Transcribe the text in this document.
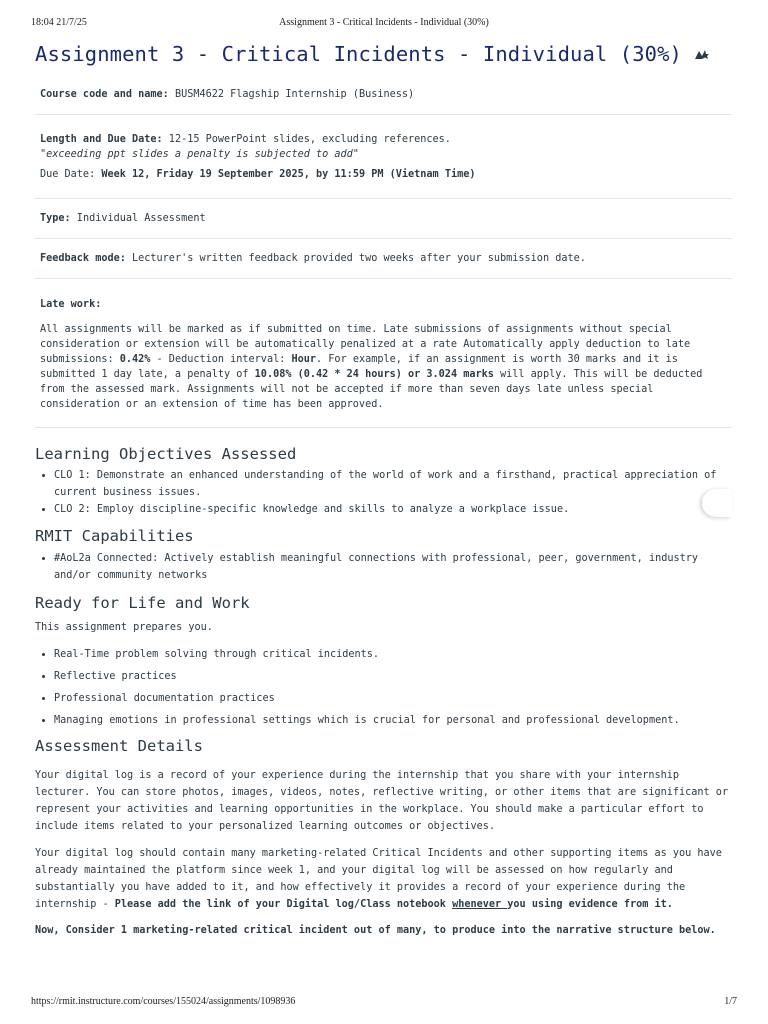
18:04 21/7/25	Assignment 3 - Critical Incidents - Individual (30%)
Assignment 3 - Critical Incidents - Individual (30%)
Course code and name: BUSM4622 Flagship Internship (Business)
Length and Due Date: 12-15 PowerPoint slides, excluding references.
"exceeding ppt slides a penalty is subjected to add"
Due Date: Week 12, Friday 19 September 2025, by 11:59 PM (Vietnam Time)
Type: Individual Assessment
Feedback mode: Lecturer's written feedback provided two weeks after your submission date.
Late work:
All assignments will be marked as if submitted on time. Late submissions of assignments without special consideration or extension will be automatically penalized at a rate Automatically apply deduction to late submissions: 0.42% - Deduction interval: Hour. For example, if an assignment is worth 30 marks and it is submitted 1 day late, a penalty of 10.08% (0.42 * 24 hours) or 3.024 marks will apply. This will be deducted from the assessed mark. Assignments will not be accepted if more than seven days late unless special consideration or an extension of time has been approved.
Learning Objectives Assessed
• CLO 1: Demonstrate an enhanced understanding of the world of work and a firsthand, practical appreciation of current business issues.
• CLO 2: Employ discipline-specific knowledge and skills to analyze a workplace issue.
RMIT Capabilities
• #AoL2a Connected: Actively establish meaningful connections with professional, peer, government, industry and/or community networks
Ready for Life and Work

This assignment prepares you.

• Real-Time problem solving through critical incidents.
• Reflective practices
• Professional documentation practices
• Managing emotions in professional settings which is crucial for personal and professional development.
Assessment Details

Your digital log is a record of your experience during the internship that you share with your internship lecturer. You can store photos, images, videos, notes, reflective writing, or other items that are significant or represent your activities and learning opportunities in the workplace. You should make a particular effort to include items related to your personalized learning outcomes or objectives.

Your digital log should contain many marketing-related Critical Incidents and other supporting items as you have already maintained the platform since week 1, and your digital log will be assessed on how regularly and substantially you have added to it, and how effectively it provides a record of your experience during the internship - Please add the link of your Digital log/Class notebook whenever you using evidence from it.

Now, Consider 1 marketing-related critical incident out of many, to produce into the narrative structure below.

https://rmit.instructure.com/courses/155024/assignments/1098936	1/7
